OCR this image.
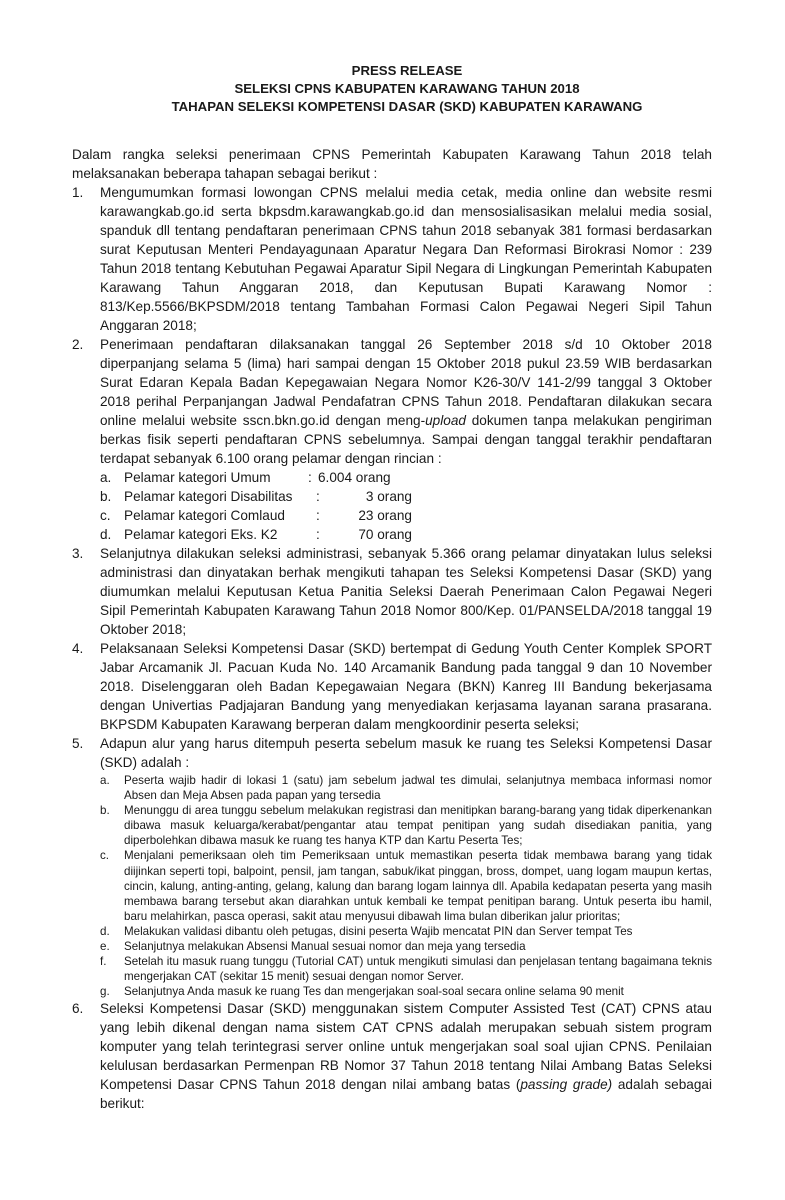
PRESS RELEASE
SELEKSI CPNS KABUPATEN KARAWANG TAHUN 2018
TAHAPAN SELEKSI KOMPETENSI DASAR (SKD) KABUPATEN KARAWANG
Dalam rangka seleksi penerimaan CPNS Pemerintah Kabupaten Karawang Tahun 2018 telah melaksanakan beberapa tahapan sebagai berikut :
1. Mengumumkan formasi lowongan CPNS melalui media cetak, media online dan website resmi karawangkab.go.id serta bkpsdm.karawangkab.go.id dan mensosialisasikan melalui media sosial, spanduk dll tentang pendaftaran penerimaan CPNS tahun 2018 sebanyak 381 formasi berdasarkan surat Keputusan Menteri Pendayagunaan Aparatur Negara Dan Reformasi Birokrasi Nomor : 239 Tahun 2018 tentang Kebutuhan Pegawai Aparatur Sipil Negara di Lingkungan Pemerintah Kabupaten Karawang Tahun Anggaran 2018, dan Keputusan Bupati Karawang Nomor : 813/Kep.5566/BKPSDM/2018 tentang Tambahan Formasi Calon Pegawai Negeri Sipil Tahun Anggaran 2018;
2. Penerimaan pendaftaran dilaksanakan tanggal 26 September 2018 s/d 10 Oktober 2018 diperpanjang selama 5 (lima) hari sampai dengan 15 Oktober 2018 pukul 23.59 WIB berdasarkan Surat Edaran Kepala Badan Kepegawaian Negara Nomor K26-30/V 141-2/99 tanggal 3 Oktober 2018 perihal Perpanjangan Jadwal Pendafatran CPNS Tahun 2018. Pendaftaran dilakukan secara online melalui website sscn.bkn.go.id dengan meng-upload dokumen tanpa melakukan pengiriman berkas fisik seperti pendaftaran CPNS sebelumnya. Sampai dengan tanggal terakhir pendaftaran terdapat sebanyak 6.100 orang pelamar dengan rincian :
a. Pelamar kategori Umum	: 6.004 orang
b. Pelamar kategori Disabilitas	:	3 orang
c. Pelamar kategori Comlaud	:	23 orang
d. Pelamar kategori Eks. K2	:	70 orang
3. Selanjutnya dilakukan seleksi administrasi, sebanyak 5.366 orang pelamar dinyatakan lulus seleksi administrasi dan dinyatakan berhak mengikuti tahapan tes Seleksi Kompetensi Dasar (SKD) yang diumumkan melalui Keputusan Ketua Panitia Seleksi Daerah Penerimaan Calon Pegawai Negeri Sipil Pemerintah Kabupaten Karawang Tahun 2018 Nomor 800/Kep. 01/PANSELDA/2018 tanggal 19 Oktober 2018;
4. Pelaksanaan Seleksi Kompetensi Dasar (SKD) bertempat di Gedung Youth Center Komplek SPORT Jabar Arcamanik Jl. Pacuan Kuda No. 140 Arcamanik Bandung pada tanggal 9 dan 10 November 2018. Diselenggaran oleh Badan Kepegawaian Negara (BKN) Kanreg III Bandung bekerjasama dengan Univertias Padjajaran Bandung yang menyediakan kerjasama layanan sarana prasarana. BKPSDM Kabupaten Karawang berperan dalam mengkoordinir peserta seleksi;
5. Adapun alur yang harus ditempuh peserta sebelum masuk ke ruang tes Seleksi Kompetensi Dasar (SKD) adalah :
a. Peserta wajib hadir di lokasi 1 (satu) jam sebelum jadwal tes dimulai, selanjutnya membaca informasi nomor Absen dan Meja Absen pada papan yang tersedia
b. Menunggu di area tunggu sebelum melakukan registrasi dan menitipkan barang-barang yang tidak diperkenankan dibawa masuk keluarga/kerabat/pengantar atau tempat penitipan yang sudah disediakan panitia, yang diperbolehkan dibawa masuk ke ruang tes hanya KTP dan Kartu Peserta Tes;
c. Menjalani pemeriksaan oleh tim Pemeriksaan untuk memastikan peserta tidak membawa barang yang tidak diijinkan seperti topi, balpoint, pensil, jam tangan, sabuk/ikat pinggan, bross, dompet, uang logam maupun kertas, cincin, kalung, anting-anting, gelang, kalung dan barang logam lainnya dll. Apabila kedapatan peserta yang masih membawa barang tersebut akan diarahkan untuk kembali ke tempat penitipan barang. Untuk peserta ibu hamil, baru melahirkan, pasca operasi, sakit atau menyusui dibawah lima bulan diberikan jalur prioritas;
d. Melakukan validasi dibantu oleh petugas, disini peserta Wajib mencatat PIN dan Server tempat Tes
e. Selanjutnya melakukan Absensi Manual sesuai nomor dan meja yang tersedia
f. Setelah itu masuk ruang tunggu (Tutorial CAT) untuk mengikuti simulasi dan penjelasan tentang bagaimana teknis mengerjakan CAT (sekitar 15 menit) sesuai dengan nomor Server.
g. Selanjutnya Anda masuk ke ruang Tes dan mengerjakan soal-soal secara online selama 90 menit
6. Seleksi Kompetensi Dasar (SKD) menggunakan sistem Computer Assisted Test (CAT) CPNS atau yang lebih dikenal dengan nama sistem CAT CPNS adalah merupakan sebuah sistem program komputer yang telah terintegrasi server online untuk mengerjakan soal soal ujian CPNS. Penilaian kelulusan berdasarkan Permenpan RB Nomor 37 Tahun 2018 tentang Nilai Ambang Batas Seleksi Kompetensi Dasar CPNS Tahun 2018 dengan nilai ambang batas (passing grade) adalah sebagai berikut:
